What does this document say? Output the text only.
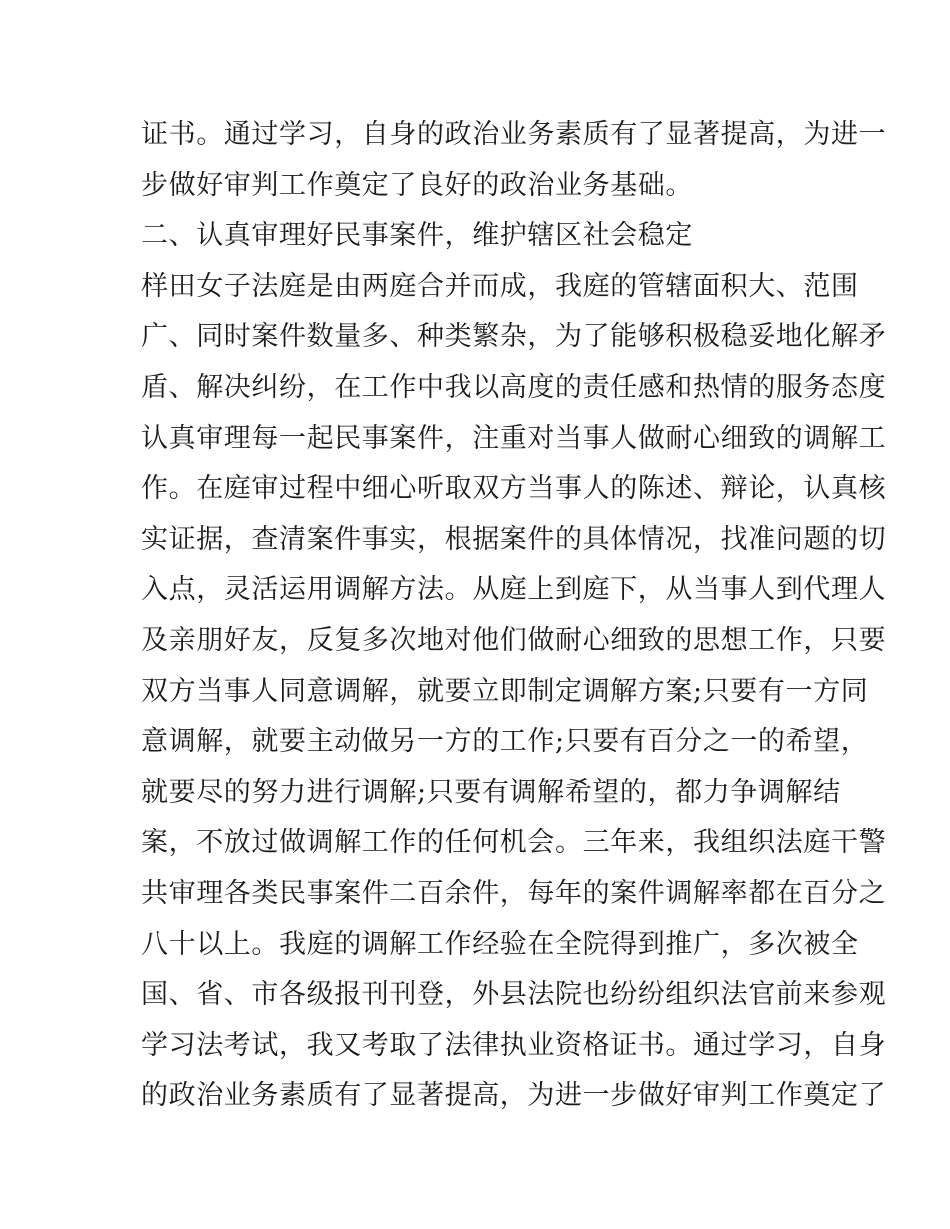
证书。通过学习，自身的政治业务素质有了显著提高，为进一
步做好审判工作奠定了良好的政治业务基础。
二、认真审理好民事案件，维护辖区社会稳定
样田女子法庭是由两庭合并而成，我庭的管辖面积大、范围
广、同时案件数量多、种类繁杂，为了能够积极稳妥地化解矛
盾、解决纠纷，在工作中我以高度的责任感和热情的服务态度
认真审理每一起民事案件，注重对当事人做耐心细致的调解工
作。在庭审过程中细心听取双方当事人的陈述、辩论，认真核
实证据，查清案件事实，根据案件的具体情况，找准问题的切
入点，灵活运用调解方法。从庭上到庭下，从当事人到代理人
及亲朋好友，反复多次地对他们做耐心细致的思想工作，只要
双方当事人同意调解，就要立即制定调解方案;只要有一方同
意调解，就要主动做另一方的工作;只要有百分之一的希望，
就要尽的努力进行调解;只要有调解希望的，都力争调解结
案，不放过做调解工作的任何机会。三年来，我组织法庭干警
共审理各类民事案件二百余件，每年的案件调解率都在百分之
八十以上。我庭的调解工作经验在全院得到推广，多次被全
国、省、市各级报刊刊登，外县法院也纷纷组织法官前来参观
学习法考试，我又考取了法律执业资格证书。通过学习，自身
的政治业务素质有了显著提高，为进一步做好审判工作奠定了
